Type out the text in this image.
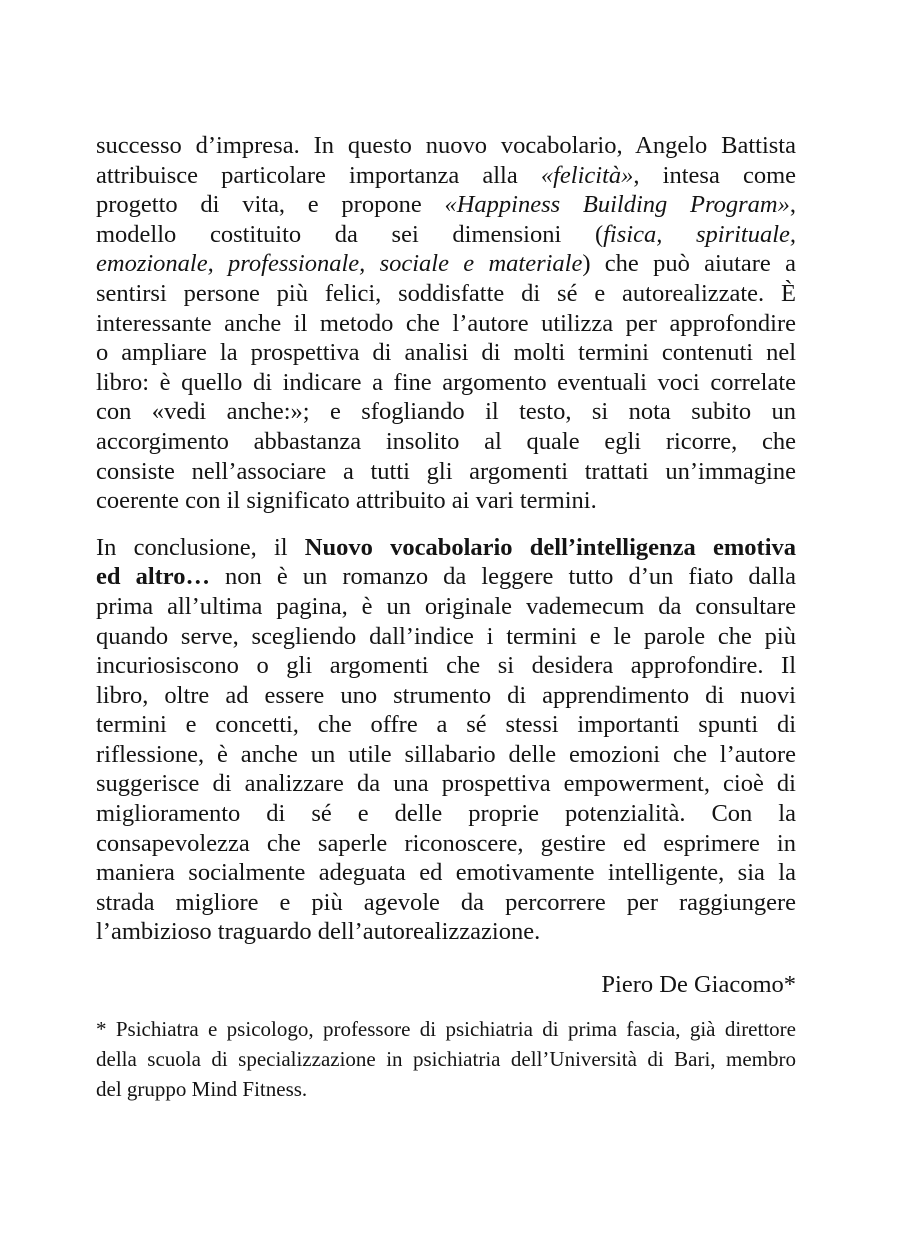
successo d’impresa. In questo nuovo vocabolario, Angelo Battista
attribuisce particolare importanza alla «felicità», intesa come
progetto di vita, e propone «Happiness Building Program»,
modello costituito da sei dimensioni (fisica, spirituale,
emozionale, professionale, sociale e materiale) che può aiutare a
sentirsi persone più felici, soddisfatte di sé e autorealizzate. È
interessante anche il metodo che l’autore utilizza per approfondire
o ampliare la prospettiva di analisi di molti termini contenuti nel
libro: è quello di indicare a fine argomento eventuali voci correlate
con «vedi anche:»; e sfogliando il testo, si nota subito un
accorgimento abbastanza insolito al quale egli ricorre, che
consiste nell’associare a tutti gli argomenti trattati un’immagine
coerente con il significato attribuito ai vari termini.
In conclusione, il Nuovo vocabolario dell’intelligenza emotiva
ed altro… non è un romanzo da leggere tutto d’un fiato dalla
prima all’ultima pagina, è un originale vademecum da consultare
quando serve, scegliendo dall’indice i termini e le parole che più
incuriosiscono o gli argomenti che si desidera approfondire. Il
libro, oltre ad essere uno strumento di apprendimento di nuovi
termini e concetti, che offre a sé stessi importanti spunti di
riflessione, è anche un utile sillabario delle emozioni che l’autore
suggerisce di analizzare da una prospettiva empowerment, cioè di
miglioramento di sé e delle proprie potenzialità. Con la
consapevolezza che saperle riconoscere, gestire ed esprimere in
maniera socialmente adeguata ed emotivamente intelligente, sia la
strada migliore e più agevole da percorrere per raggiungere
l’ambizioso traguardo dell’autorealizzazione.
Piero De Giacomo*
* Psichiatra e psicologo, professore di psichiatria di prima fascia, già direttore
della scuola di specializzazione in psichiatria dell’Università di Bari, membro
del gruppo Mind Fitness.
